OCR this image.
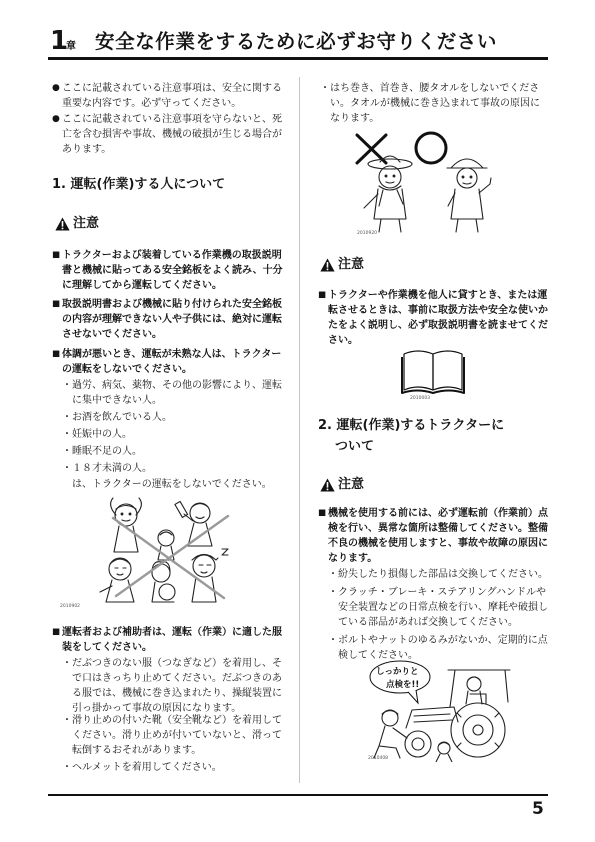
1
章 安全な作業をするために必ずお守りください
● ここに記載されている注意事項は、安全に関する
重要な内容です。必ず守ってください。
● ここに記載されている注意事項を守らないと、死
亡を含む損害や事故、機械の破損が生じる場合が
あります。
1. 運転(作業)する人について
注意
■ トラクターおよび装着している作業機の取扱説明
書と機械に貼ってある安全銘板をよく読み、十分
に理解してから運転してください。
■ 取扱説明書および機械に貼り付けられた安全銘板
の内容が理解できない人や子供には、絶対に運転
させないでください。
■ 体調が悪いとき、運転が未熟な人は、トラクター
の運転をしないでください。
・ 過労、病気、薬物、その他の影響により、運転
に集中できない人。
・ お酒を飲んでいる人。
・ 妊娠中の人。
・ 睡眠不足の人。
・ １８才未満の人。
は、トラクターの運転をしないでください。
2010902
■ 運転者および補助者は、運転（作業）に適した服
装をしてください。
・ だぶつきのない服（つなぎなど）を着用し、そ
で口はきっちり止めてください。だぶつきのあ
る服では、機械に巻き込まれたり、操縦装置に
引っ掛かって事故の原因になります。
・ 滑り止めの付いた靴（安全靴など）を着用して
ください。滑り止めが付いていないと、滑って
転倒するおそれがあります。
・ ヘルメットを着用してください。
・ はち巻き、首巻き、腰タオルをしないでくださ
い。タオルが機械に巻き込まれて事故の原因に
なります。
2010920
注意
■ トラクターや作業機を他人に貸すとき、または運
転させるときは、事前に取扱方法や安全な使いか
たをよく説明し、必ず取扱説明書を読ませてくだ
さい。
2010003
2. 運転(作業)するトラクターに
ついて
注意
■ 機械を使用する前には、必ず運転前（作業前）点
検を行い、異常な箇所は整備してください。整備
不良の機械を使用しますと、事故や故障の原因に
なります。
・ 紛失したり損傷した部品は交換してください。
・ クラッチ・ブレーキ・ステアリングハンドルや
安全装置などの日常点検を行い、摩耗や破損し
ている部品があれば交換してください。
・ ボルトやナットのゆるみがないか、定期的に点
検してください。
しっかりと
点検を!!
2010408
5
